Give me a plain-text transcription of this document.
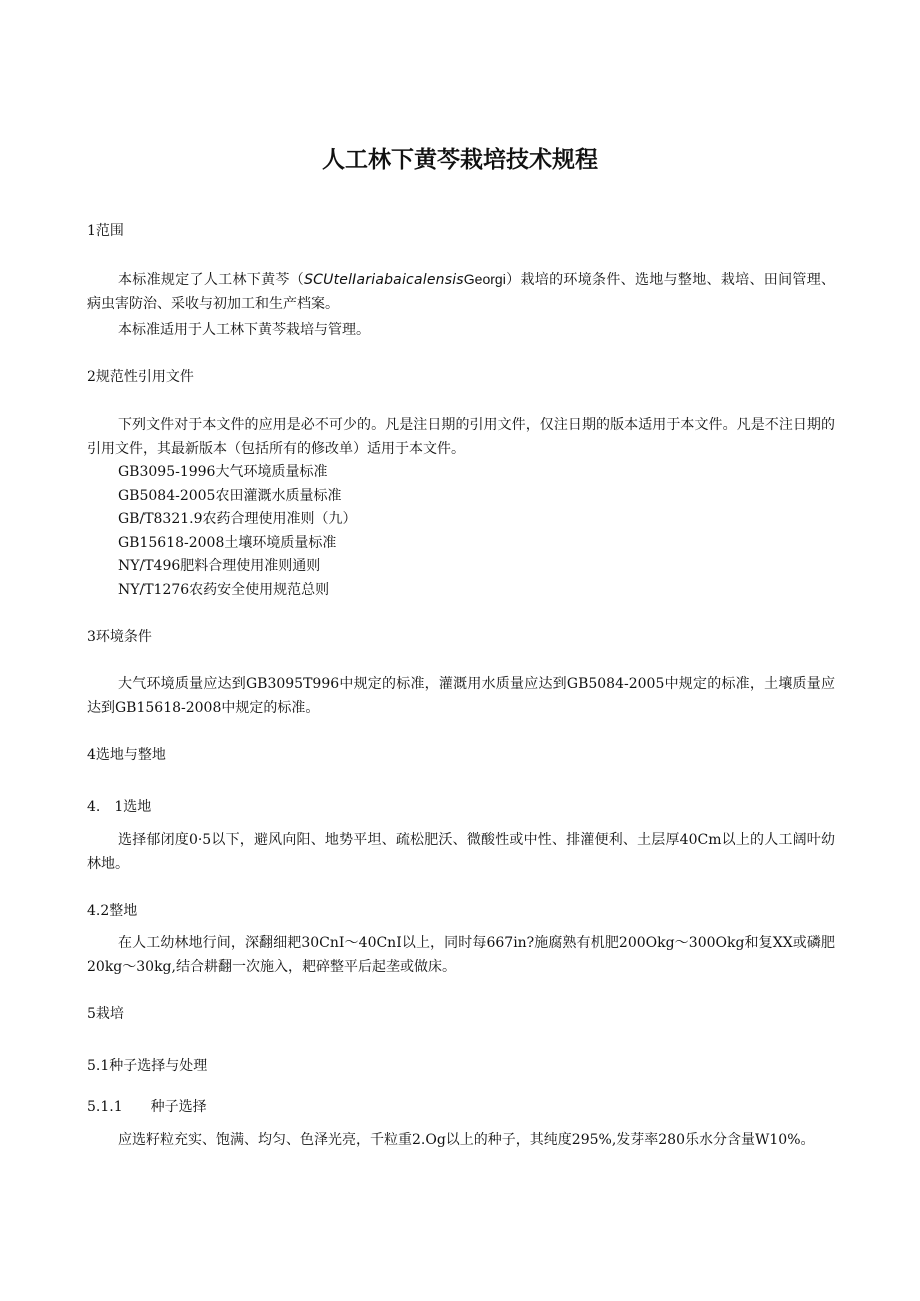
人工林下黄芩栽培技术规程
1范围
本标准规定了人工林下黄芩（SCUtelIariabaicalensisGeorgi）栽培的环境条件、选地与整地、栽培、田间管理、病虫害防治、采收与初加工和生产档案。
本标准适用于人工林下黄芩栽培与管理。
2规范性引用文件
下列文件对于本文件的应用是必不可少的。凡是注日期的引用文件，仅注日期的版本适用于本文件。凡是不注日期的引用文件，其最新版本（包括所有的修改单）适用于本文件。
GB3095-1996大气环境质量标准
GB5084-2005农田灌溉水质量标准
GB/T8321.9农药合理使用准则（九）
GB15618-2008土壤环境质量标准
NY/T496肥料合理使用准则通则
NY/T1276农药安全使用规范总则
3环境条件
大气环境质量应达到GB3095T996中规定的标准，灌溉用水质量应达到GB5084-2005中规定的标准，土壤质量应达到GB15618-2008中规定的标准。
4选地与整地
4.　1选地
选择郁闭度0·5以下，避风向阳、地势平坦、疏松肥沃、微酸性或中性、排灌便利、土层厚40Cm以上的人工阔叶幼林地。
4.2整地
在人工幼林地行间，深翻细耙30CnI～40CnI以上，同时每667in?施腐熟有机肥200Okg～300Okg和复XX或磷肥20kg～30kg,结合耕翻一次施入，耙碎整平后起垄或做床。
5栽培
5.1种子选择与处理
5.1.1 种子选择
应选籽粒充实、饱满、均匀、色泽光亮，千粒重2.Og以上的种子，其纯度295%,发芽率280乐水分含量W10%。
